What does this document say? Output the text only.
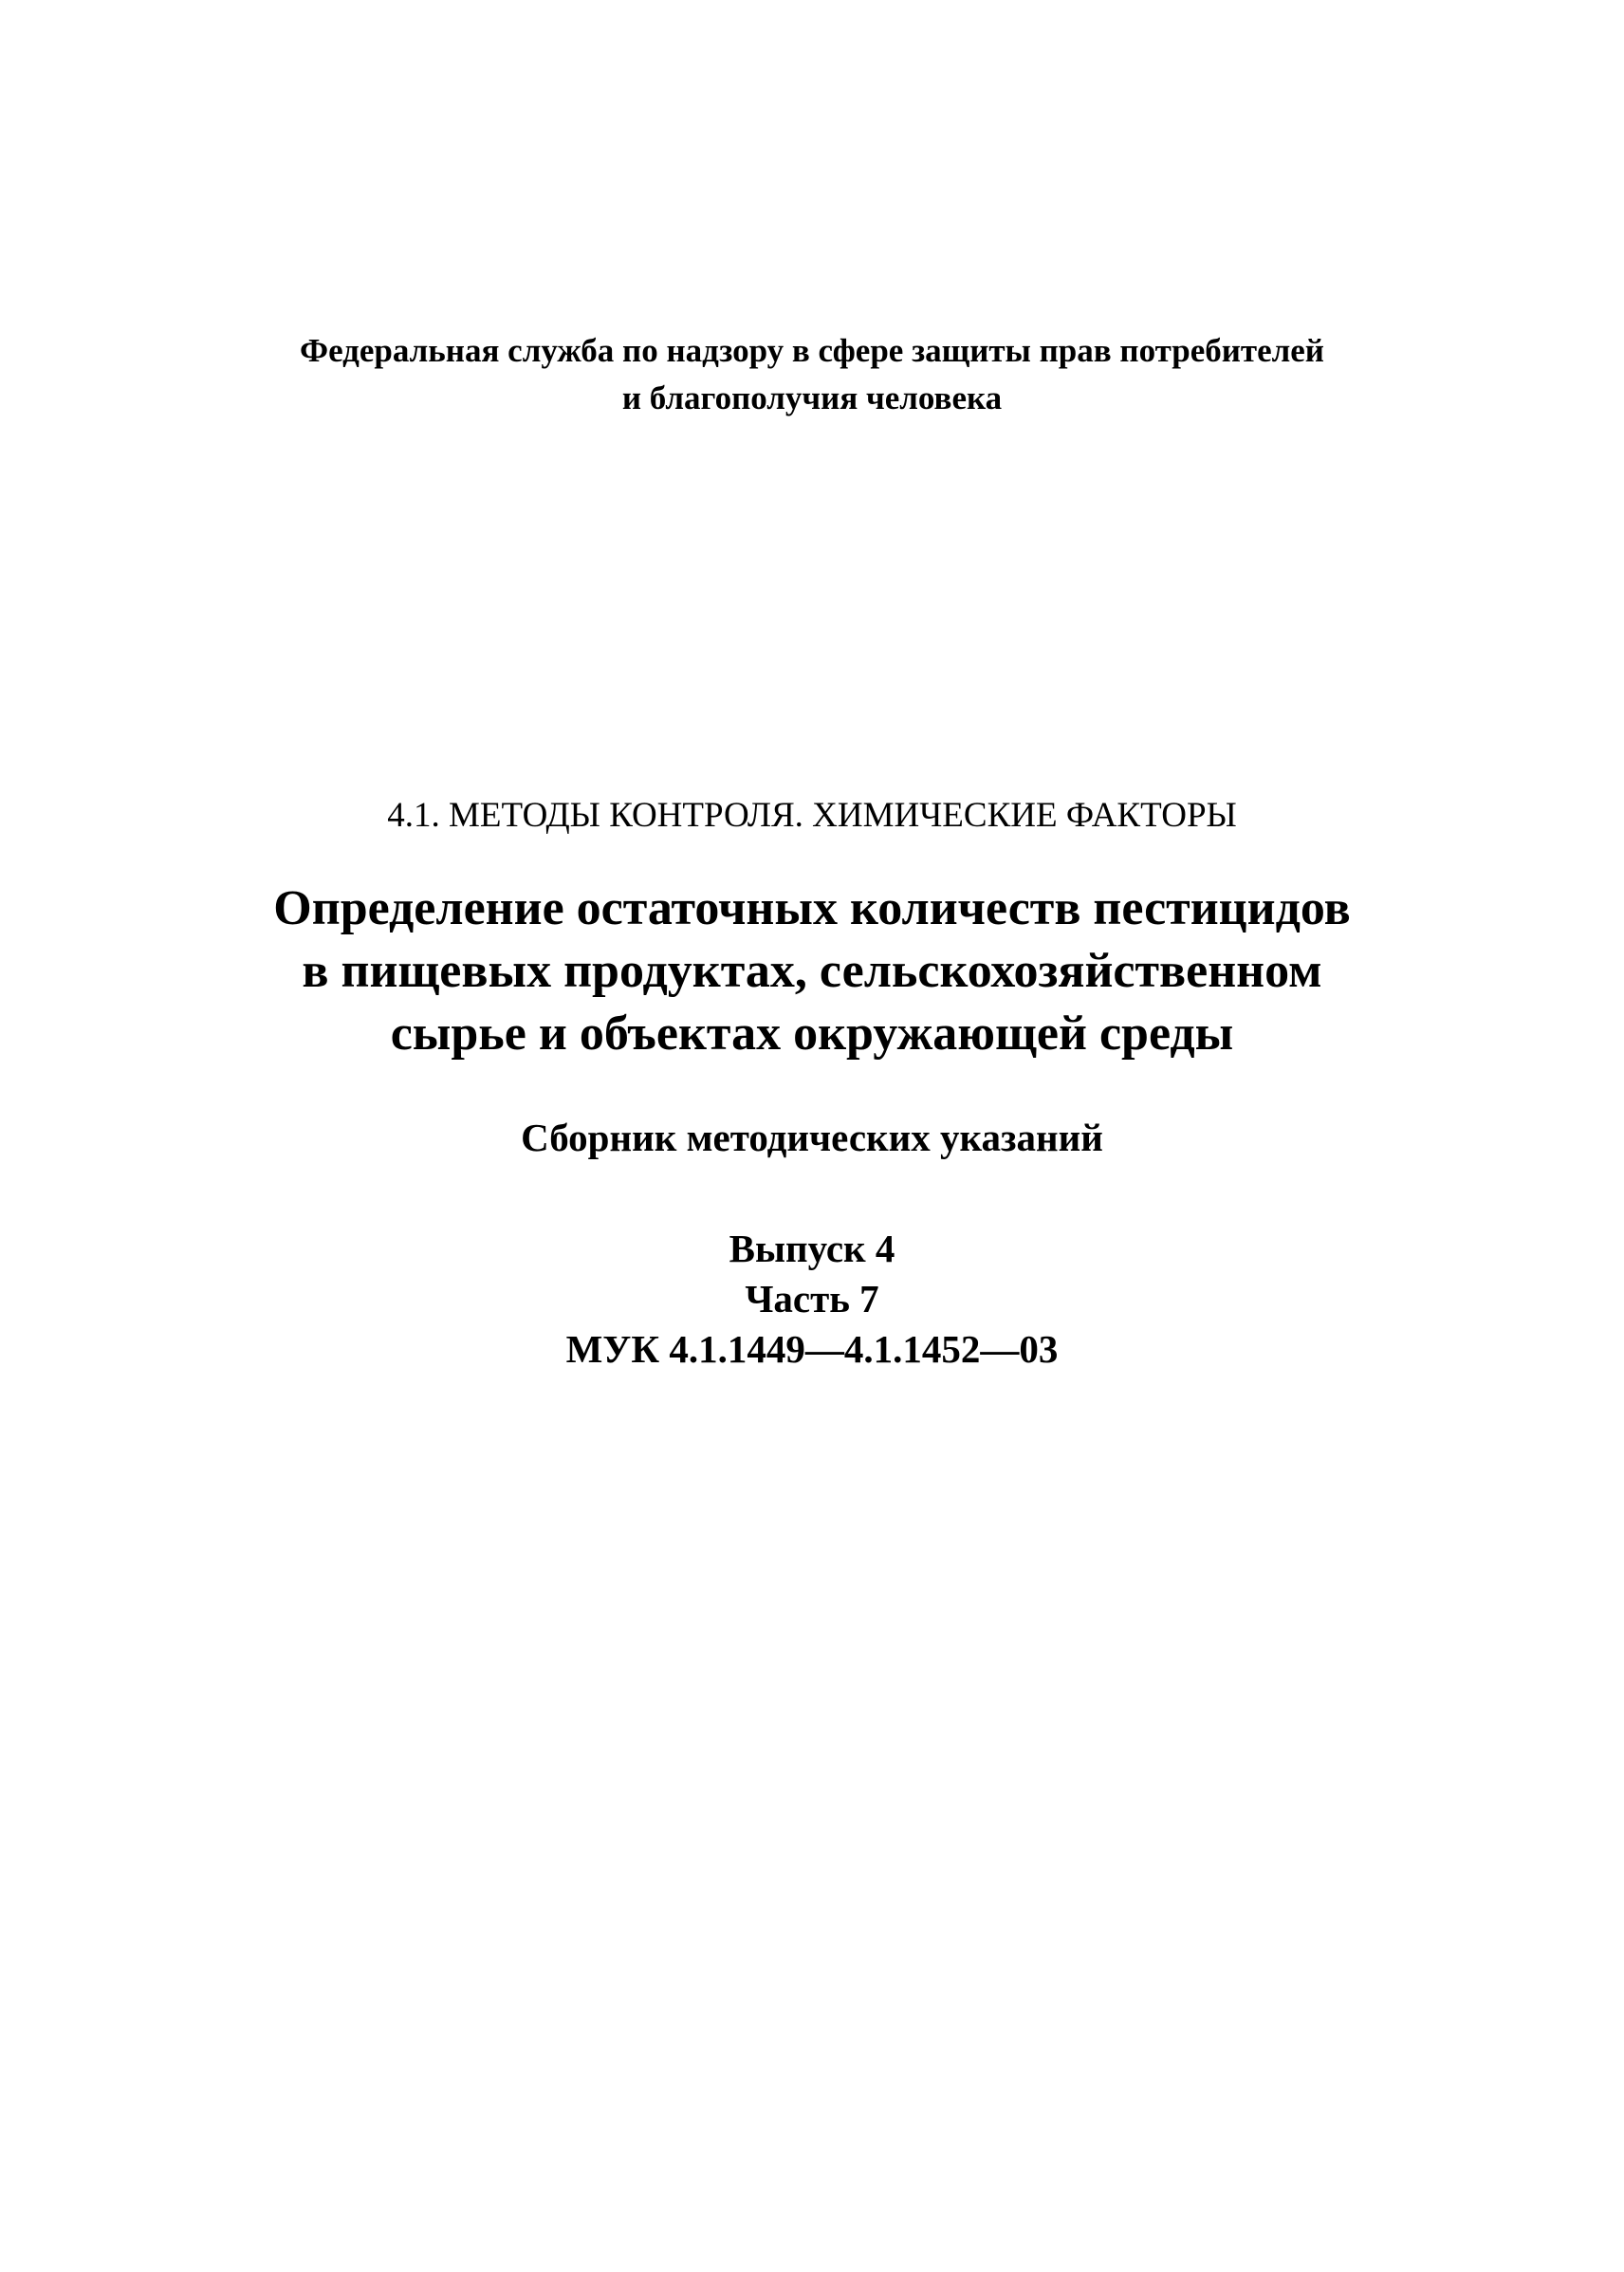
Федеральная служба по надзору в сфере защиты прав потребителей
и благополучия человека
4.1. МЕТОДЫ КОНТРОЛЯ. ХИМИЧЕСКИЕ ФАКТОРЫ
Определение остаточных количеств пестицидов
в пищевых продуктах, сельскохозяйственном
сырье и объектах окружающей среды
Сборник методических указаний
Выпуск 4
Часть 7
МУК 4.1.1449—4.1.1452—03
